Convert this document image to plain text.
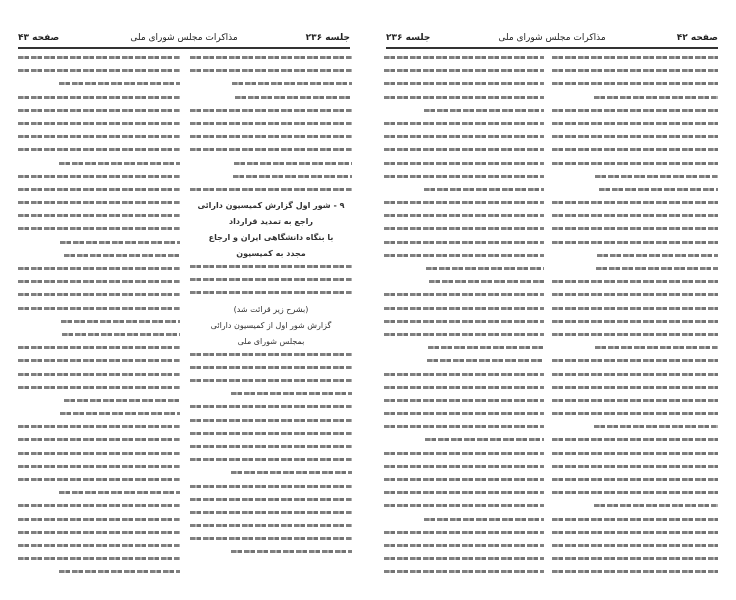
جلسه ۲۳۶
مذاکرات مجلس شورای ملی
صفحه ۴۳
۹ - شور اول گزارش کمیسیون دارائی
راجع به تمدید قرارداد
با بنگاه دانشگاهی ایران و ارجاع
مجدد به کمیسیون
(بشرح زیر قرائت شد)
گزارش شور اول از کمیسیون دارائی
بمجلس شورای ملی
صفحه ۴۲
مذاکرات مجلس شورای ملی
جلسه ۲۳۶
